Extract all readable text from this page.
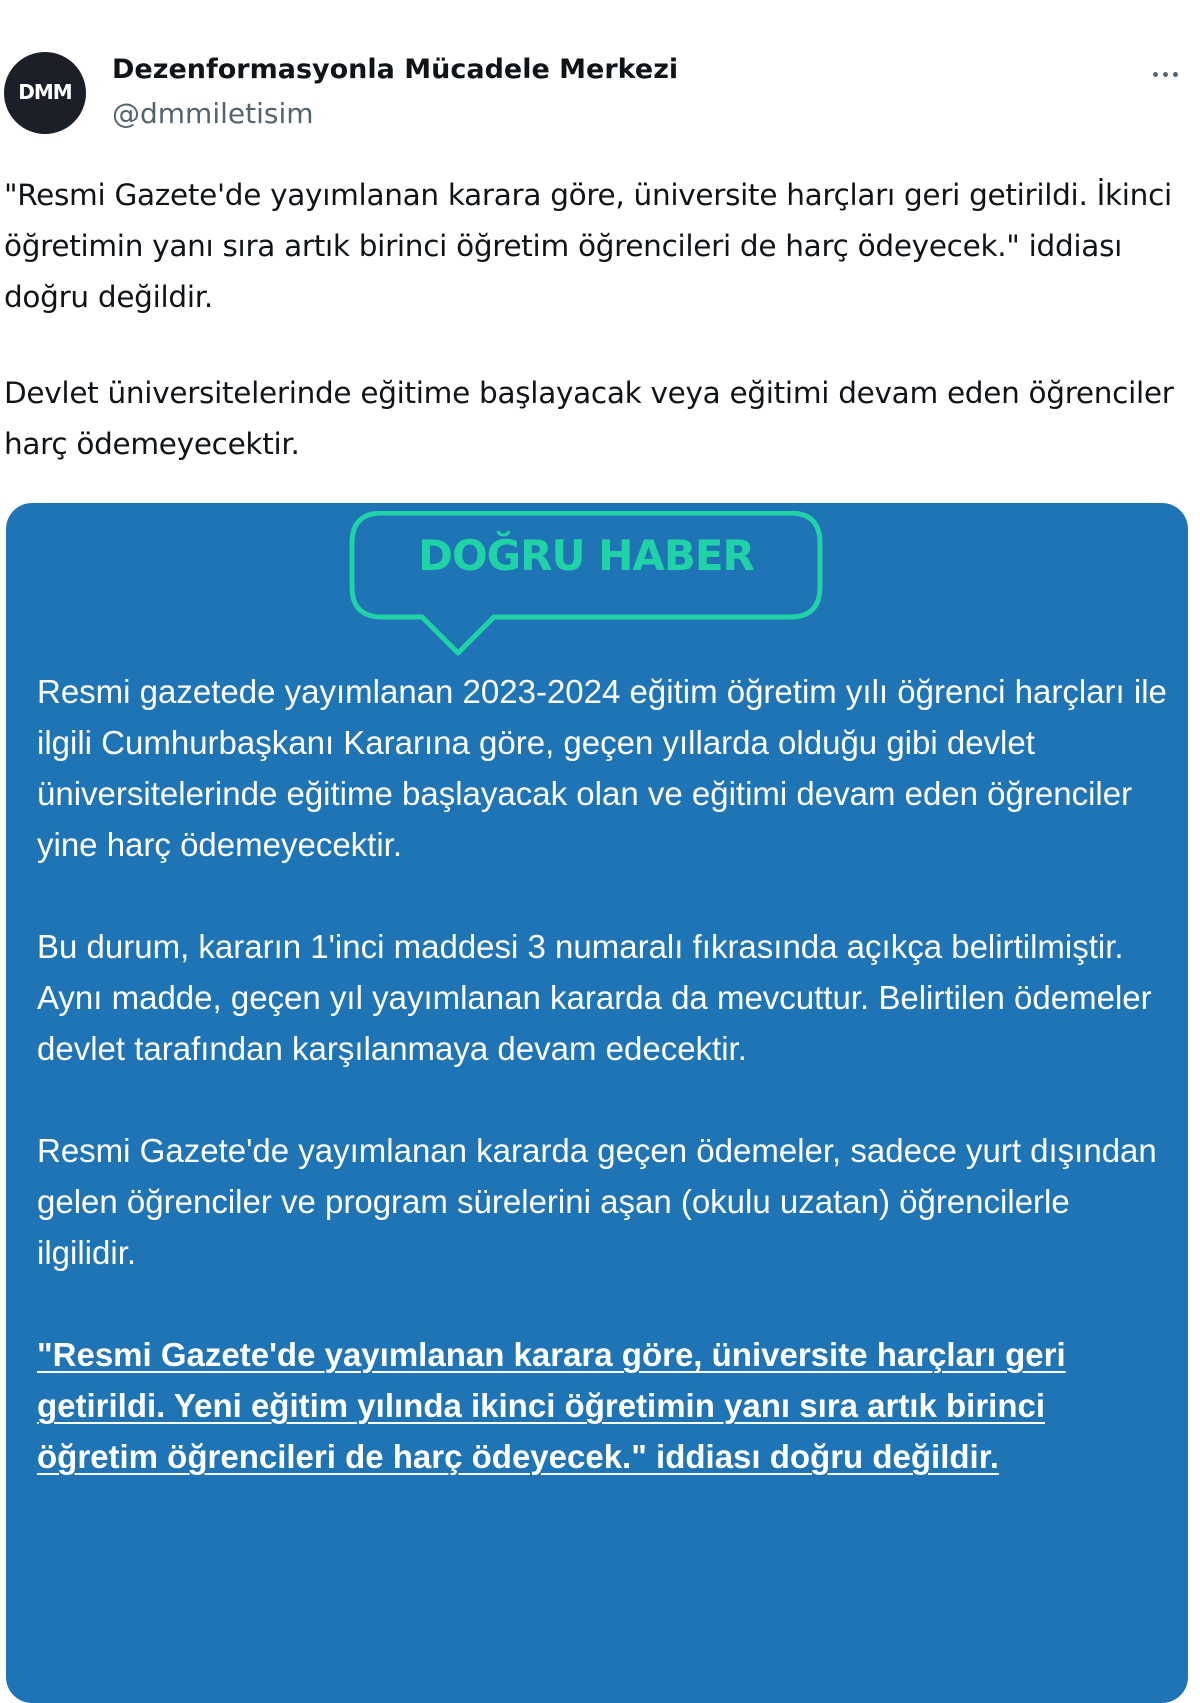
DMM
Dezenformasyonla Mücadele Merkezi
@dmmiletisim

"Resmi Gazete'de yayımlanan karara göre, üniversite harçları geri getirildi. İkinci öğretimin yanı sıra artık birinci öğretim öğrencileri de harç ödeyecek." iddiası doğru değildir.

Devlet üniversitelerinde eğitime başlayacak veya eğitimi devam eden öğrenciler harç ödemeyecektir.

DOĞRU HABER

Resmi gazetede yayımlanan 2023-2024 eğitim öğretim yılı öğrenci harçları ile ilgili Cumhurbaşkanı Kararına göre, geçen yıllarda olduğu gibi devlet üniversitelerinde eğitime başlayacak olan ve eğitimi devam eden öğrenciler yine harç ödemeyecektir.

Bu durum, kararın 1'inci maddesi 3 numaralı fıkrasında açıkça belirtilmiştir. Aynı madde, geçen yıl yayımlanan kararda da mevcuttur. Belirtilen ödemeler devlet tarafından karşılanmaya devam edecektir.

Resmi Gazete'de yayımlanan kararda geçen ödemeler, sadece yurt dışından gelen öğrenciler ve program sürelerini aşan (okulu uzatan) öğrencilerle ilgilidir.

"Resmi Gazete'de yayımlanan karara göre, üniversite harçları geri getirildi. Yeni eğitim yılında ikinci öğretimin yanı sıra artık birinci öğretim öğrencileri de harç ödeyecek." iddiası doğru değildir.
